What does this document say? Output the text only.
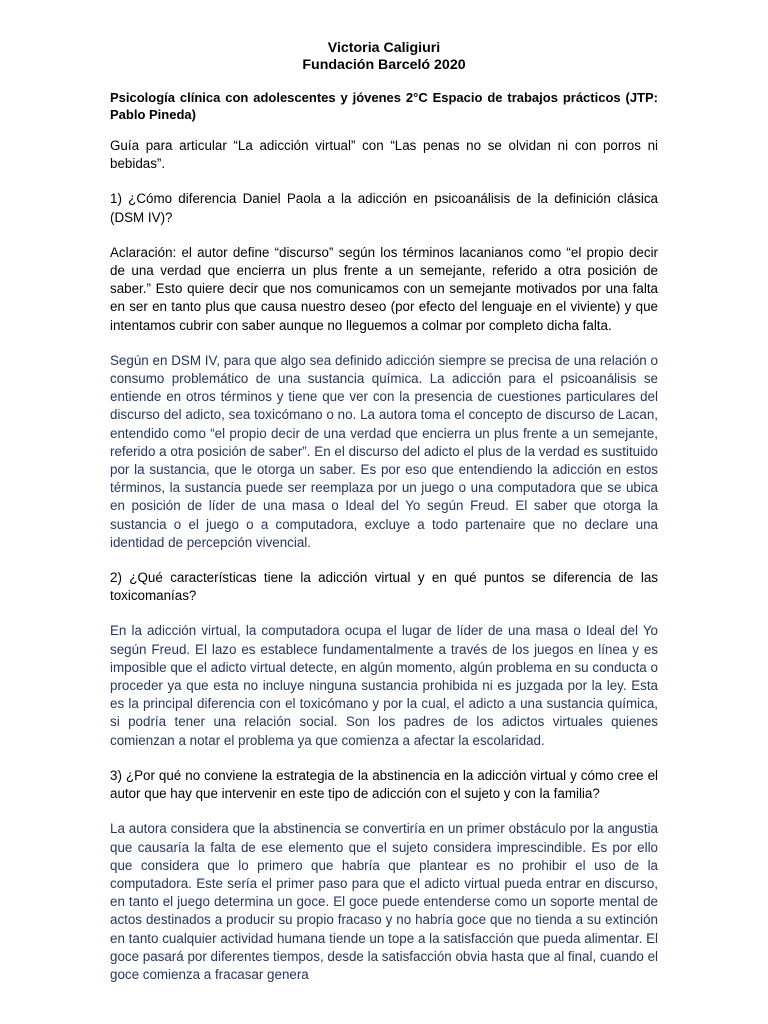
Victoria Caligiuri
Fundación Barceló 2020

Psicología clínica con adolescentes y jóvenes 2°C Espacio de trabajos prácticos (JTP: Pablo Pineda)

Guía para articular “La adicción virtual” con “Las penas no se olvidan ni con porros ni bebidas”.

1) ¿Cómo diferencia Daniel Paola a la adicción en psicoanálisis de la definición clásica (DSM IV)?

Aclaración: el autor define “discurso” según los términos lacanianos como “el propio decir de una verdad que encierra un plus frente a un semejante, referido a otra posición de saber.” Esto quiere decir que nos comunicamos con un semejante motivados por una falta en ser en tanto plus que causa nuestro deseo (por efecto del lenguaje en el viviente) y que intentamos cubrir con saber aunque no lleguemos a colmar por completo dicha falta.

Según en DSM IV, para que algo sea definido adicción siempre se precisa de una relación o consumo problemático de una sustancia química. La adicción para el psicoanálisis se entiende en otros términos y tiene que ver con la presencia de cuestiones particulares del discurso del adicto, sea toxicómano o no. La autora toma el concepto de discurso de Lacan, entendido como “el propio decir de una verdad que encierra un plus frente a un semejante, referido a otra posición de saber”. En el discurso del adicto el plus de la verdad es sustituido por la sustancia, que le otorga un saber. Es por eso que entendiendo la adicción en estos términos, la sustancia puede ser reemplaza por un juego o una computadora que se ubica en posición de líder de una masa o Ideal del Yo según Freud. El saber que otorga la sustancia o el juego o a computadora, excluye a todo partenaire que no declare una identidad de percepción vivencial.

2) ¿Qué características tiene la adicción virtual y en qué puntos se diferencia de las toxicomanías?

En la adicción virtual, la computadora ocupa el lugar de líder de una masa o Ideal del Yo según Freud. El lazo es establece fundamentalmente a través de los juegos en línea y es imposible que el adicto virtual detecte, en algún momento, algún problema en su conducta o proceder ya que esta no incluye ninguna sustancia prohibida ni es juzgada por la ley. Esta es la principal diferencia con el toxicómano y por la cual, el adicto a una sustancia química, si podría tener una relación social. Son los padres de los adictos virtuales quienes comienzan a notar el problema ya que comienza a afectar la escolaridad.

3) ¿Por qué no conviene la estrategia de la abstinencia en la adicción virtual y cómo cree el autor que hay que intervenir en este tipo de adicción con el sujeto y con la familia?

La autora considera que la abstinencia se convertiría en un primer obstáculo por la angustia que causaría la falta de ese elemento que el sujeto considera imprescindible. Es por ello que considera que lo primero que habría que plantear es no prohibir el uso de la computadora. Este sería el primer paso para que el adicto virtual pueda entrar en discurso, en tanto el juego determina un goce. El goce puede entenderse como un soporte mental de actos destinados a producir su propio fracaso y no habría goce que no tienda a su extinción en tanto cualquier actividad humana tiende un tope a la satisfacción que pueda alimentar. El goce pasará por diferentes tiempos, desde la satisfacción obvia hasta que al final, cuando el goce comienza a fracasar genera
